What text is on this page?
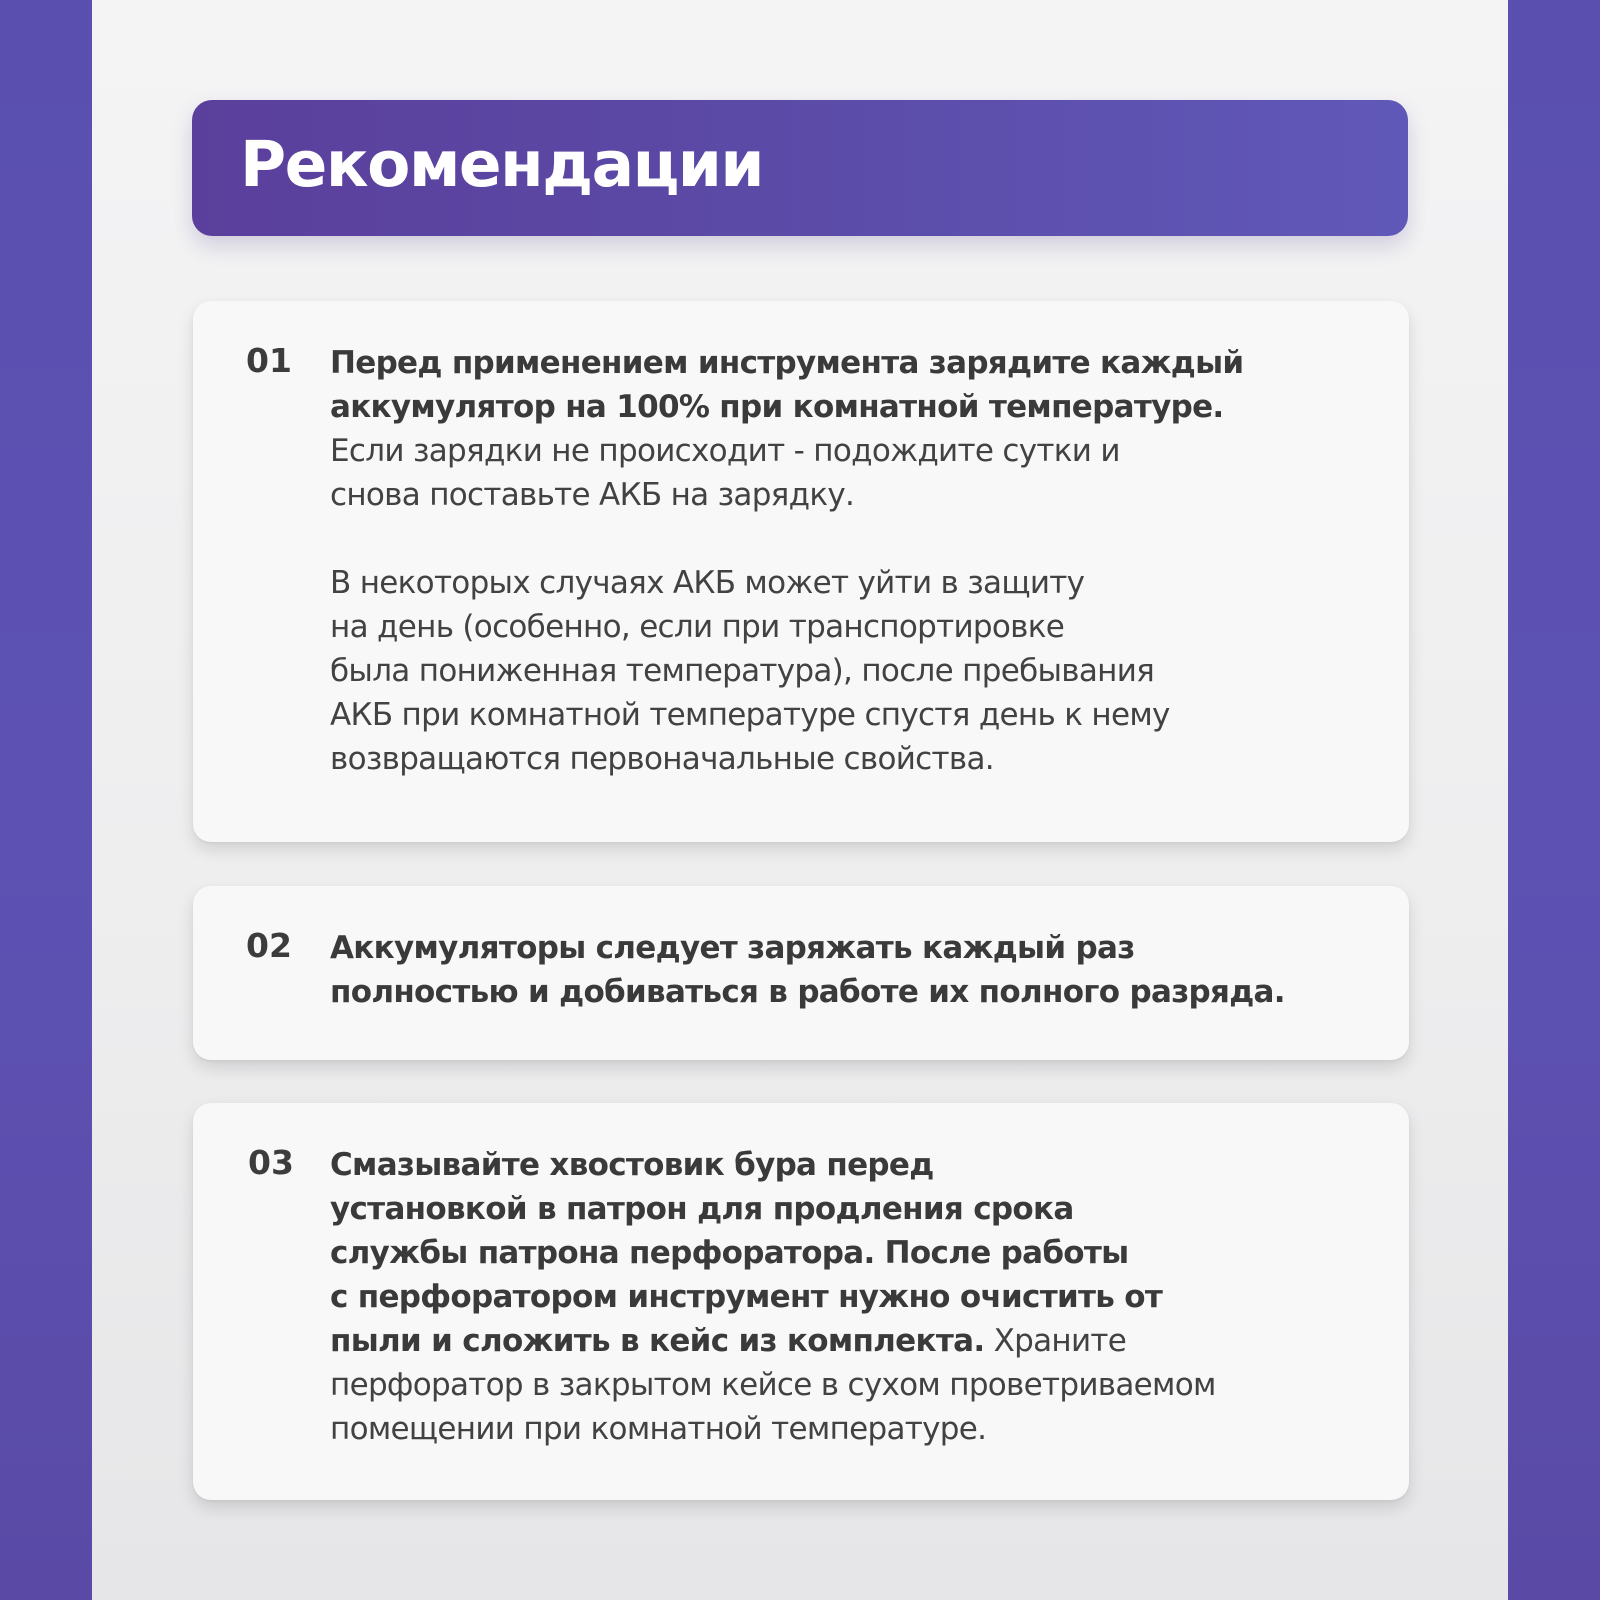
Рекомендации
01 Перед применением инструмента зарядите каждый
аккумулятор на 100% при комнатной температуре.
Если зарядки не происходит - подождите сутки и
снова поставьте АКБ на зарядку.

В некоторых случаях АКБ может уйти в защиту
на день (особенно, если при транспортировке
была пониженная температура), после пребывания
АКБ при комнатной температуре спустя день к нему
возвращаются первоначальные свойства.

02 Аккумуляторы следует заряжать каждый раз
полностью и добиваться в работе их полного разряда.

03 Смазывайте хвостовик бура перед
установкой в патрон для продления срока
службы патрона перфоратора. После работы
с перфоратором инструмент нужно очистить от
пыли и сложить в кейс из комплекта. Храните
перфоратор в закрытом кейсе в сухом проветриваемом
помещении при комнатной температуре.
